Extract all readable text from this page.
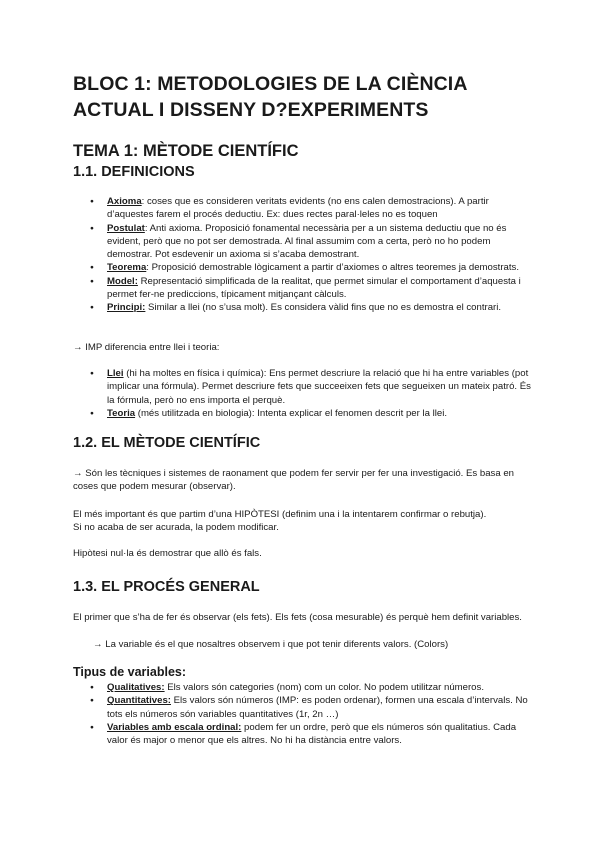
BLOC 1: METODOLOGIES DE LA CIÈNCIA
ACTUAL I DISSENY D?EXPERIMENTS
TEMA 1: MÈTODE CIENTÍFIC
1.1. DEFINICIONS
● Axioma: coses que es consideren veritats evidents (no ens calen demostracions). A partir d’aquestes farem el procés deductiu. Ex: dues rectes paral·leles no es toquen
● Postulat: Anti axioma. Proposició fonamental necessària per a un sistema deductiu que no és evident, però que no pot ser demostrada. Al final assumim com a certa, però no ho podem demostrar. Pot esdevenir un axioma si s’acaba demostrant.
● Teorema: Proposició demostrable lògicament a partir d’axiomes o altres teoremes ja demostrats.
● Model: Representació simplificada de la realitat, que permet simular el comportament d’aquesta i permet fer-ne prediccions, típicament mitjançant càlculs.
● Principi: Similar a llei (no s’usa molt). Es considera vàlid fins que no es demostra el contrari.
→ IMP diferencia entre llei i teoria:
● Llei (hi ha moltes en física i química): Ens permet descriure la relació que hi ha entre variables (pot implicar una fórmula). Permet descriure fets que succeeixen fets que segueixen un mateix patró. És la fórmula, però no ens importa el perquè.
● Teoria (més utilitzada en biologia): Intenta explicar el fenomen descrit per la llei.
1.2. EL MÈTODE CIENTÍFIC
→ Són les tècniques i sistemes de raonament que podem fer servir per fer una investigació. Es basa en coses que podem mesurar (observar).
El més important és que partim d’una HIPÒTESI (definim una i la intentarem confirmar o rebutja).
Si no acaba de ser acurada, la podem modificar.
Hipòtesi nul·la és demostrar que allò és fals.
1.3. EL PROCÉS GENERAL
El primer que s’ha de fer és observar (els fets). Els fets (cosa mesurable) és perquè hem definit variables.
→ La variable és el que nosaltres observem i que pot tenir diferents valors. (Colors)
Tipus de variables:
● Qualitatives: Els valors són categories (nom) com un color. No podem utilitzar números.
● Quantitatives: Els valors són números (IMP: es poden ordenar), formen una escala d’intervals. No tots els números són variables quantitatives (1r, 2n …)
● Variables amb escala ordinal: podem fer un ordre, però que els números són qualitatius. Cada valor és major o menor que els altres. No hi ha distància entre valors.
